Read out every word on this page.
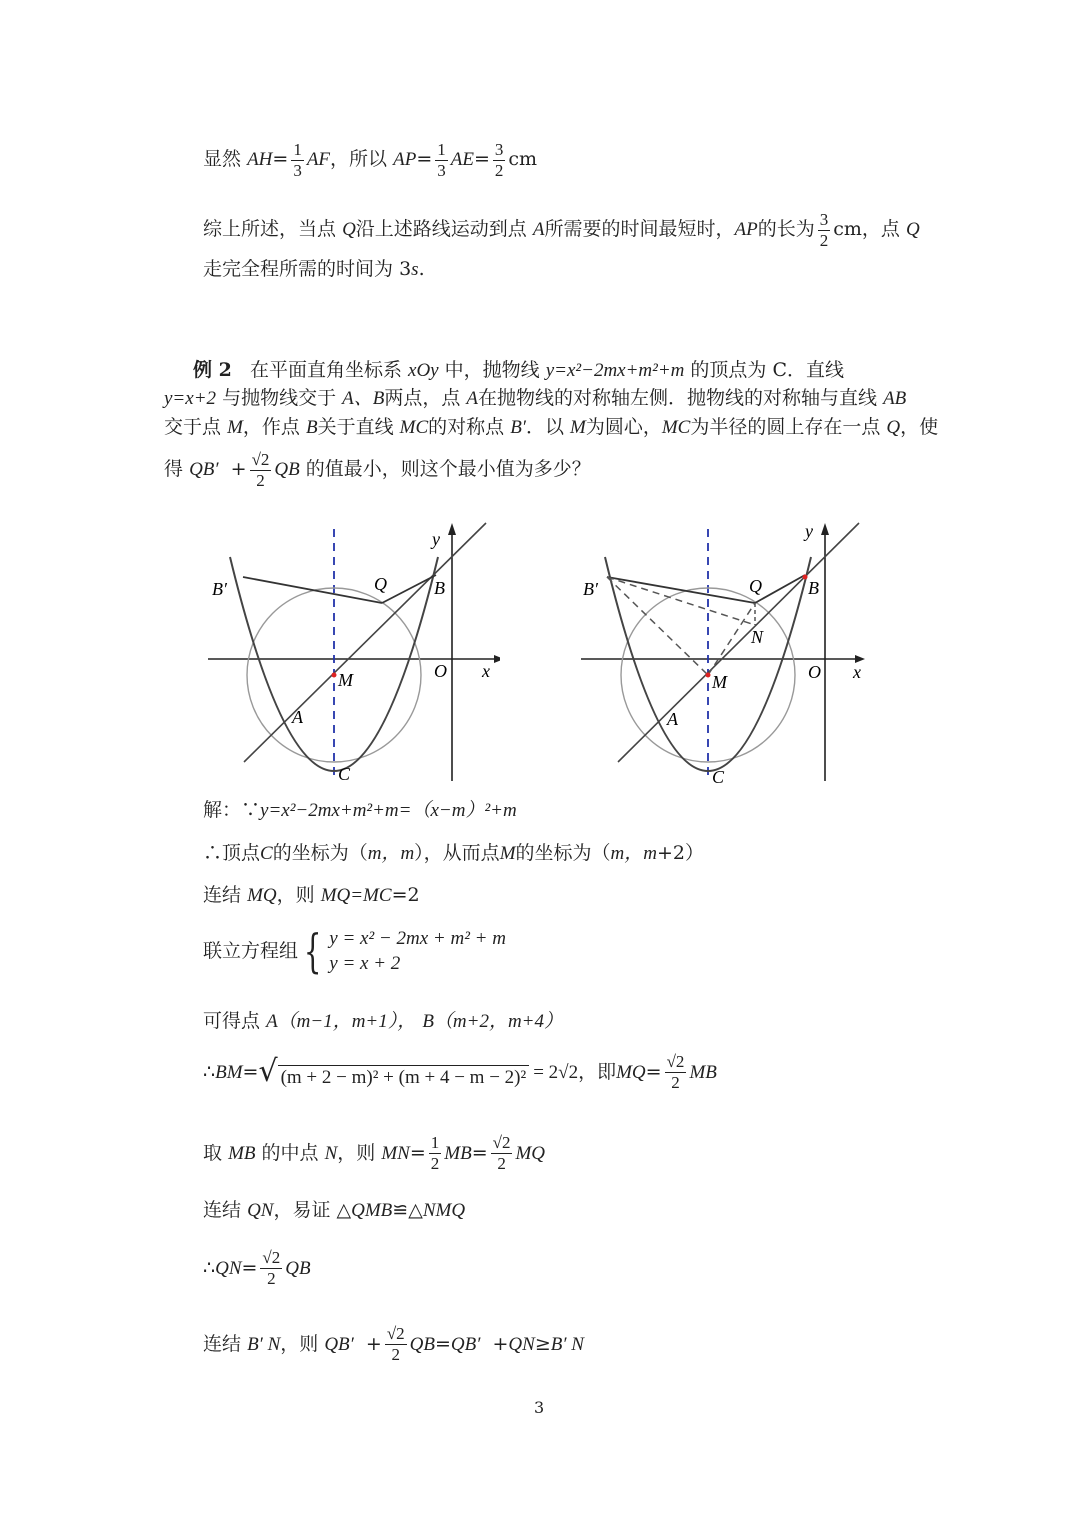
显然 $AH= \frac{1}{3}$ AF，所以 $AP= \frac{1}{3} AE= \frac{3}{2}$ cm
综上所述，当点 Q沿上述路线运动到点 A所需要的时间最短时，AP的长为 $\frac{3}{2}$ cm，点 Q
走完全程所需的时间为 3s.
例 2 在平面直角坐标系 xOy 中，抛物线 y=x²−2mx+m²+m 的顶点为 C．直线
y=x+2 与抛物线交于 A、B两点，点 A在抛物线的对称轴左侧．抛物线的对称轴与直线 AB
交于点 M，作点 B关于直线 MC的对称点 B′．以 M为圆心，MC为半径的圆上存在一点 Q，使
得 $QB' + \frac{√2}{2}$ QB 的值最小，则这个最小值为多少？
B′	Q	B
y
x
O
M
A
C
B′	Q
N
B
y
x
O
M
A
C
解：∵y=x²−2mx+m²+m=（x−m）²+m
∴顶点C的坐标为（m，m），从而点M的坐标为（m，m+2）
连结 MQ，则 MQ=MC=2
联立方程组 { y = x² − 2mx + m² + m
y = x + 2
可得点 A（m−1，m+1）， B（m+2，m+4）
∴ BM = √ (m + 2 − m)² + (m + 4 − m − 2)² = 2√2 ，即 MQ = $\frac{√2}{2}$ MB
取
MB
的中点
N ，则
MN = $\frac{1}{2}$ MB = $\frac{√2}{2}$ MQ
连结 QN，易证 △QMB≌△NMQ
∴ QN = $\frac{√2}{2}$ QB
连结
B′ N ，则
QB′
+ $\frac{√2}{2}$ QB = QB′
+ QN ≥ B′ N
3
